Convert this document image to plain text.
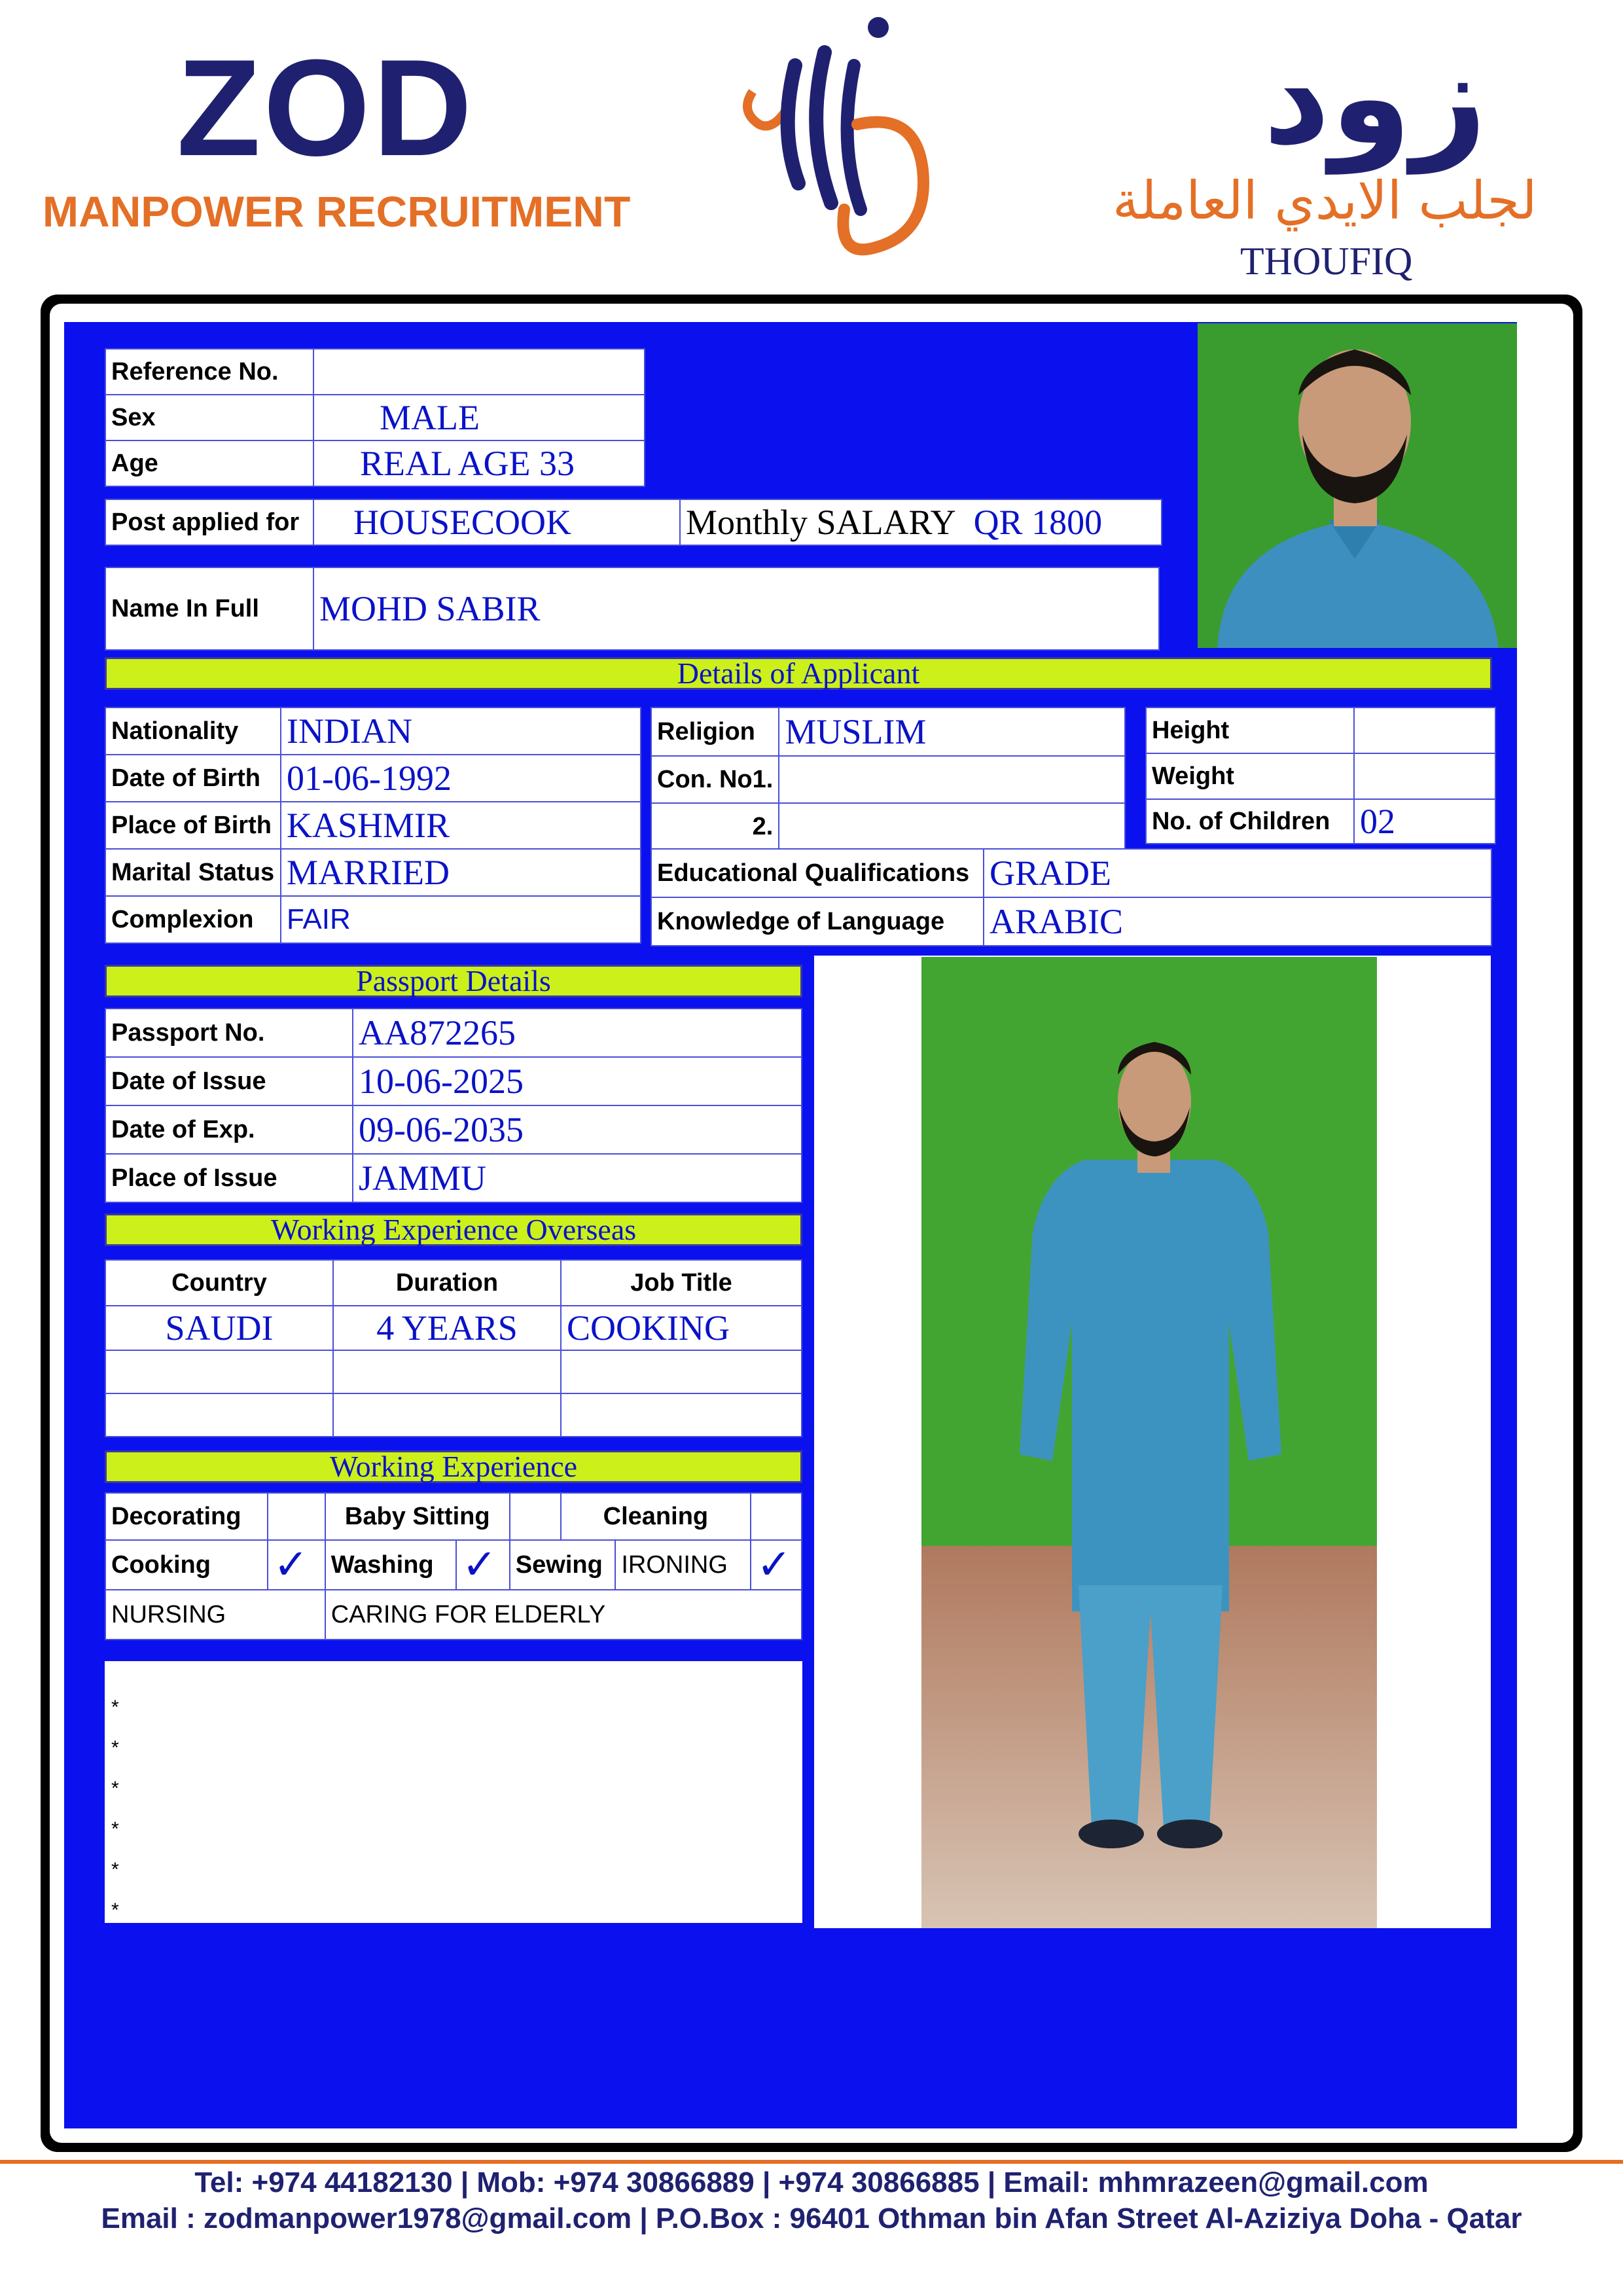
ZOD
MANPOWER RECRUITMENT
زود
لجلب الايدي العاملة
THOUFIQ
Reference No.	
Sex	MALE
Age	REAL AGE 33
Post applied for	HOUSECOOK	Monthly SALARY QR 1800
Name In Full	MOHD SABIR
Details of Applicant
Nationality	INDIAN
Date of Birth	01-06-1992
Place of Birth	KASHMIR
Marital Status	MARRIED
Complexion	FAIR
Religion	MUSLIM
Con. No1.	
2.	
Height	
Weight	
No. of Children	02
Educational Qualifications	GRADE
Knowledge of Language	ARABIC
Passport Details
Passport No.	AA872265
Date of Issue	10-06-2025
Date of Exp.	09-06-2035
Place of Issue	JAMMU
Working Experience Overseas
Country	Duration	Job Title
SAUDI	4 YEARS	COOKING

Working Experience
Decorating		Baby Sitting			Cleaning		
Cooking	✓	Washing	✓	Sewing		IRONING	✓
NURSING		CARING FOR ELDERLY					
*
*
*
*
*
*
Tel: +974 44182130 | Mob: +974 30866889 | +974 30866885 | Email: mhmrazeen@gmail.com
Email : zodmanpower1978@gmail.com | P.O.Box : 96401 Othman bin Afan Street Al-Aziziya Doha - Qatar
